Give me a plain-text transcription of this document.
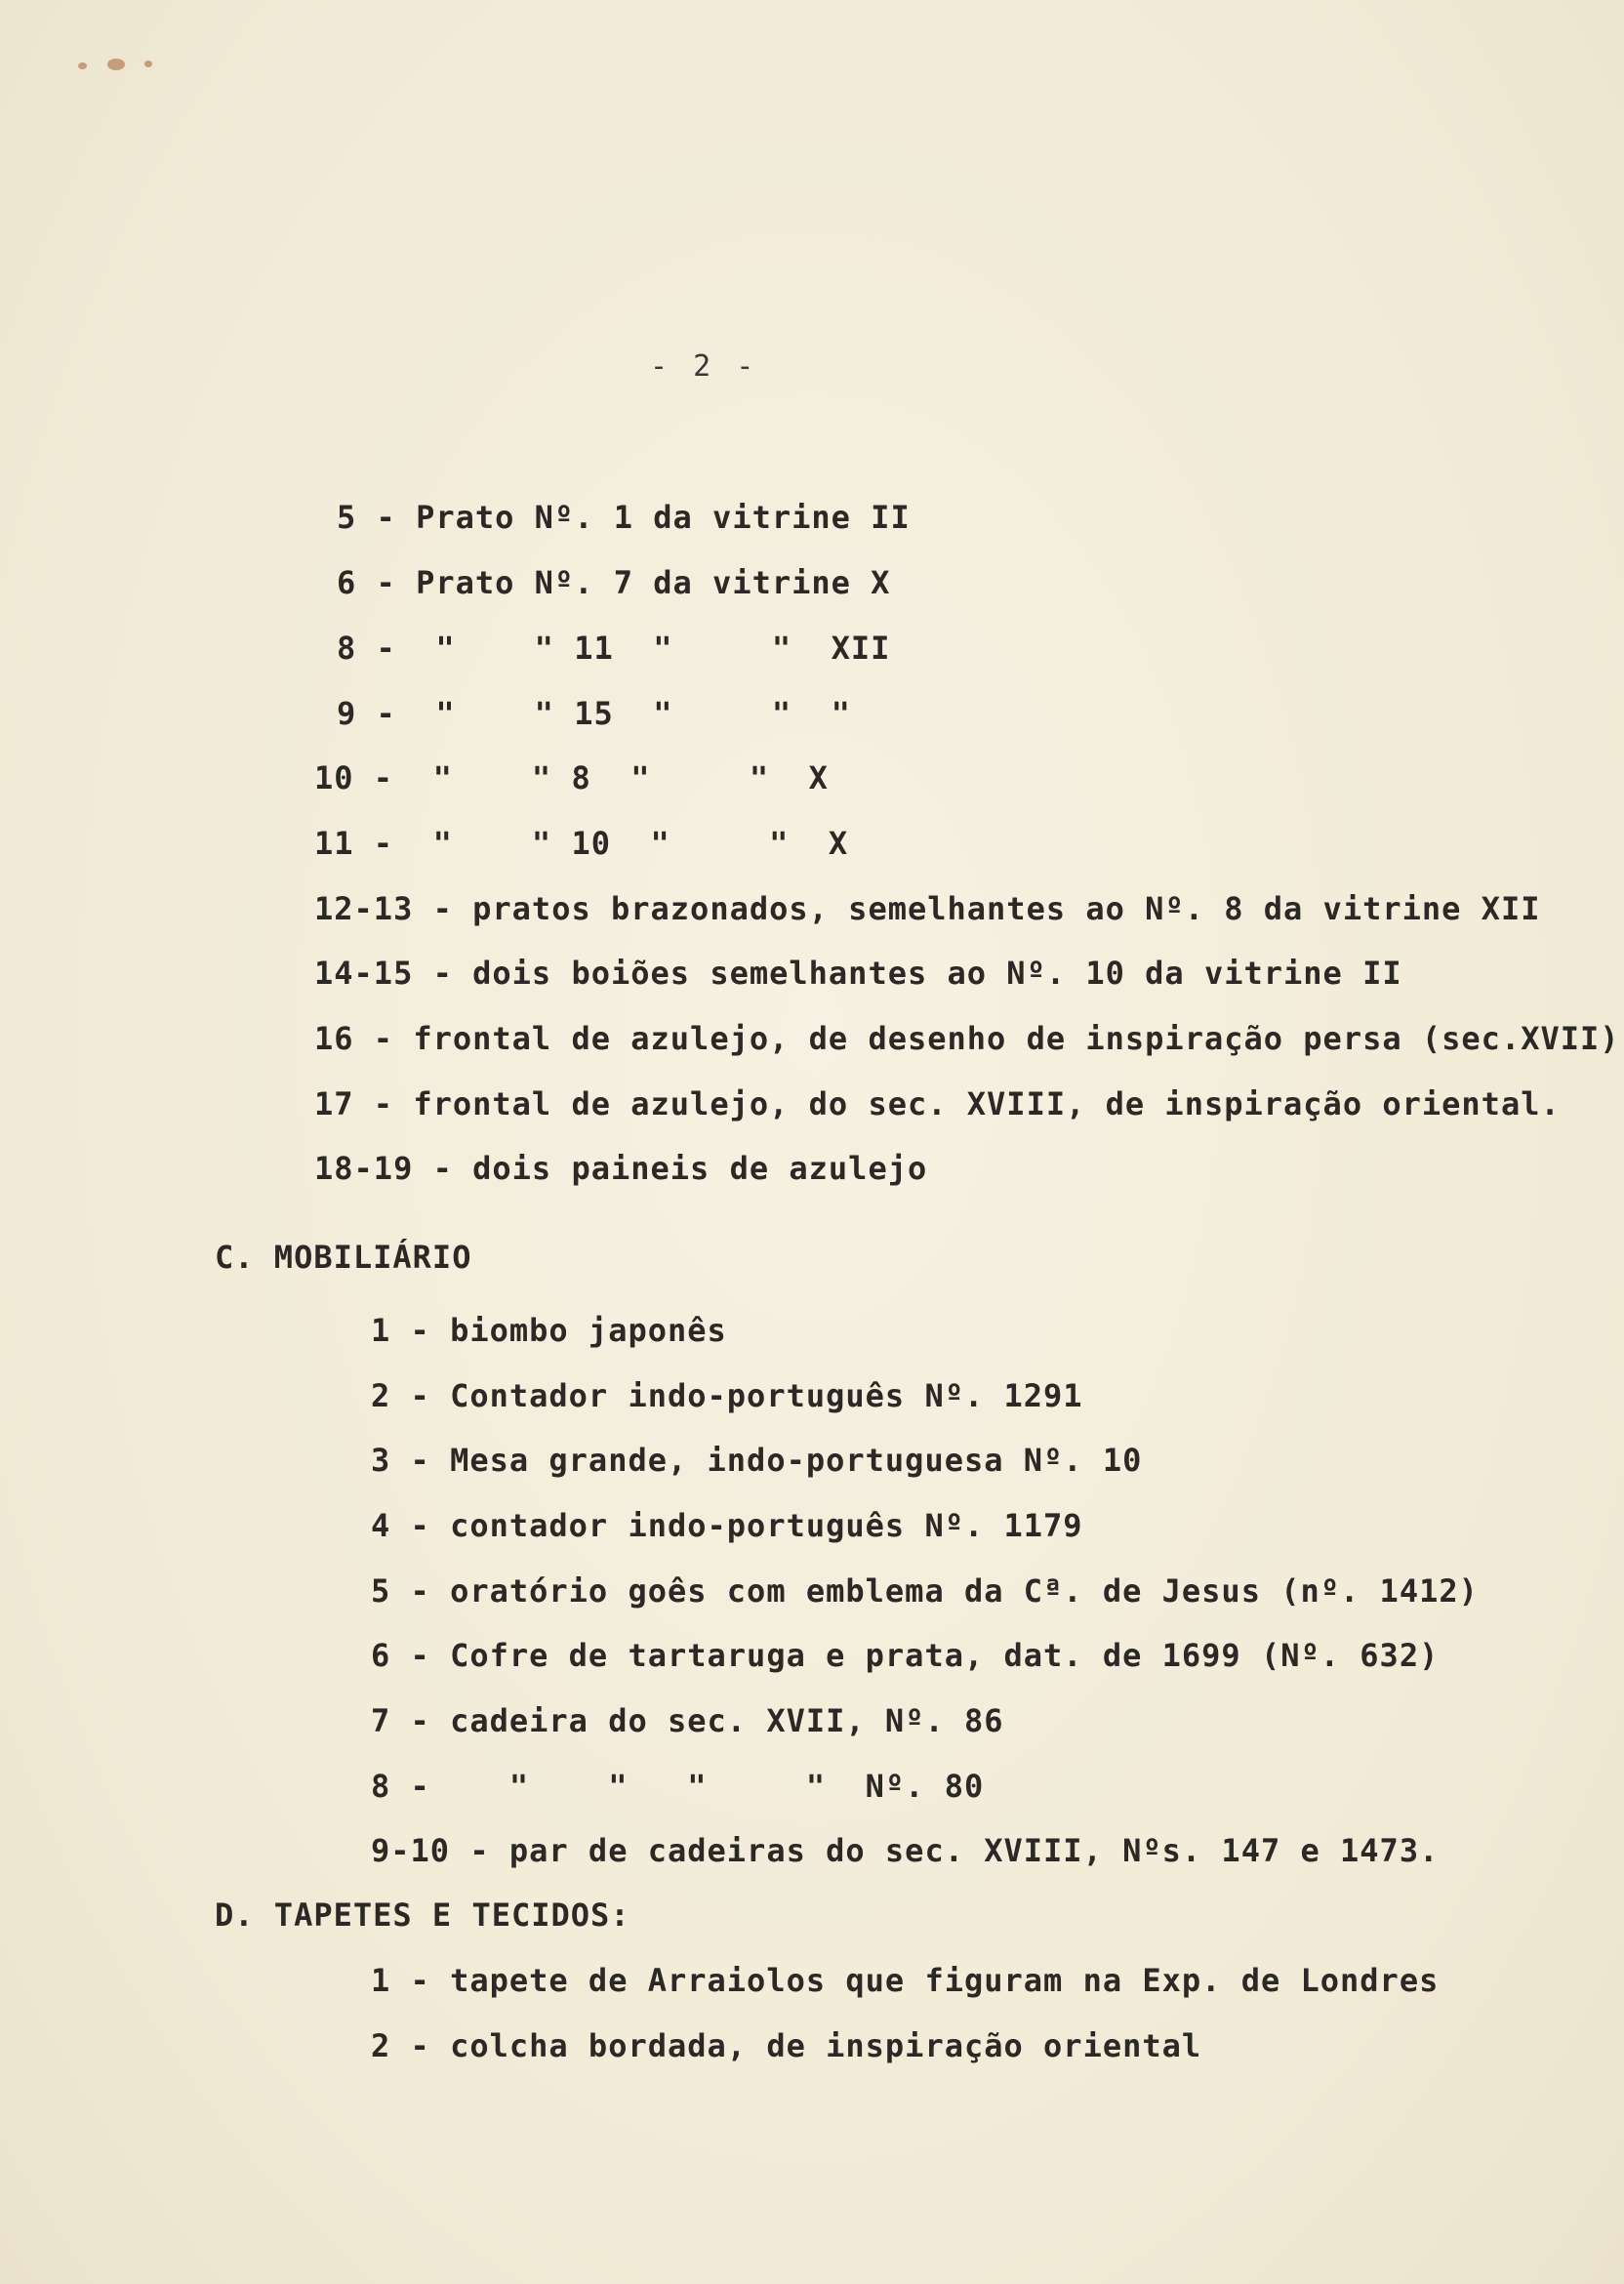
- 2 -
5 - Prato Nº. 1 da vitrine II
6 - Prato Nº. 7 da vitrine X
8 -  "    " 11  "     "  XII
9 -  "    " 15  "     "  "
10 -  "    " 8  "     "  X
11 -  "    " 10  "     "  X
12-13 - pratos brazonados, semelhantes ao Nº. 8 da vitrine XII
14-15 - dois boiões semelhantes ao Nº. 10 da vitrine II
16 - frontal de azulejo, de desenho de inspiração persa (sec.XVII)
17 - frontal de azulejo, do sec. XVIII, de inspiração oriental.
18-19 - dois paineis de azulejo
C. MOBILIÁRIO
1 - biombo japonês
2 - Contador indo-português Nº. 1291
3 - Mesa grande, indo-portuguesa Nº. 10
4 - contador indo-português Nº. 1179
5 - oratório goês com emblema da Cª. de Jesus (nº. 1412)
6 - Cofre de tartaruga e prata, dat. de 1699 (Nº. 632)
7 - cadeira do sec. XVII, Nº. 86
8 -    "    "   "     "  Nº. 80
9-10 - par de cadeiras do sec. XVIII, Nºs. 147 e 1473.
D. TAPETES E TECIDOS:
1 - tapete de Arraiolos que figuram na Exp. de Londres
2 - colcha bordada, de inspiração oriental
